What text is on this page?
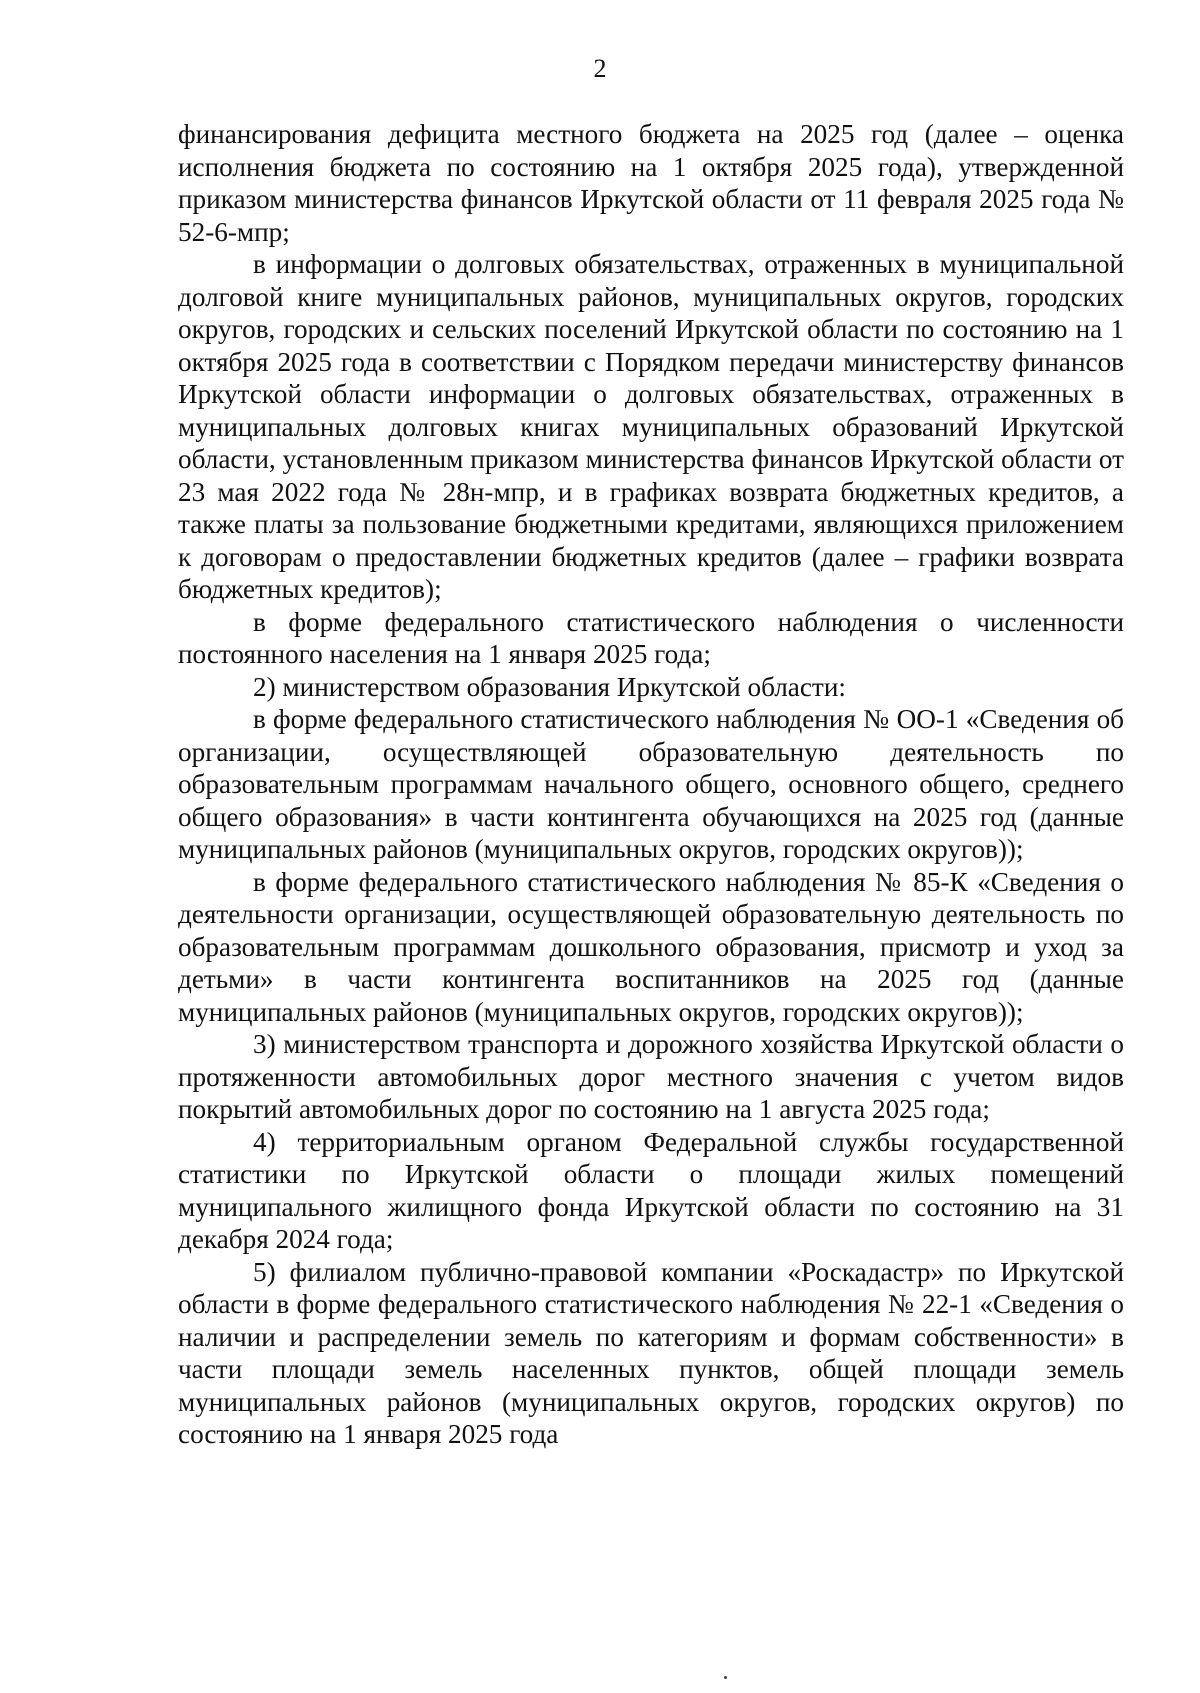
2

финансирования дефицита местного бюджета на 2025 год (далее – оценка исполнения бюджета по состоянию на 1 октября 2025 года), утвержденной приказом министерства финансов Иркутской области от 11 февраля 2025 года № 52-6-мпр;

в информации о долговых обязательствах, отраженных в муниципальной долговой книге муниципальных районов, муниципальных округов, городских округов, городских и сельских поселений Иркутской области по состоянию на 1 октября 2025 года в соответствии с Порядком передачи министерству финансов Иркутской области информации о долговых обязательствах, отраженных в муниципальных долговых книгах муниципальных образований Иркутской области, установленным приказом министерства финансов Иркутской области от 23 мая 2022 года № 28н-мпр, и в графиках возврата бюджетных кредитов, а также платы за пользование бюджетными кредитами, являющихся приложением к договорам о предоставлении бюджетных кредитов (далее – графики возврата бюджетных кредитов);

в форме федерального статистического наблюдения о численности постоянного населения на 1 января 2025 года;

2) министерством образования Иркутской области:

в форме федерального статистического наблюдения № ОО-1 «Сведения об организации, осуществляющей образовательную деятельность по образовательным программам начального общего, основного общего, среднего общего образования» в части контингента обучающихся на 2025 год (данные муниципальных районов (муниципальных округов, городских округов));

в форме федерального статистического наблюдения № 85-К «Сведения о деятельности организации, осуществляющей образовательную деятельность по образовательным программам дошкольного образования, присмотр и уход за детьми» в части контингента воспитанников на 2025 год (данные муниципальных районов (муниципальных округов, городских округов));

3) министерством транспорта и дорожного хозяйства Иркутской области о протяженности автомобильных дорог местного значения с учетом видов покрытий автомобильных дорог по состоянию на 1 августа 2025 года;

4) территориальным органом Федеральной службы государственной статистики по Иркутской области о площади жилых помещений муниципального жилищного фонда Иркутской области по состоянию на 31 декабря 2024 года;

5) филиалом публично-правовой компании «Роскадастр» по Иркутской области в форме федерального статистического наблюдения № 22-1 «Сведения о наличии и распределении земель по категориям и формам собственности» в части площади земель населенных пунктов, общей площади земель муниципальных районов (муниципальных округов, городских округов) по состоянию на 1 января 2025 года
